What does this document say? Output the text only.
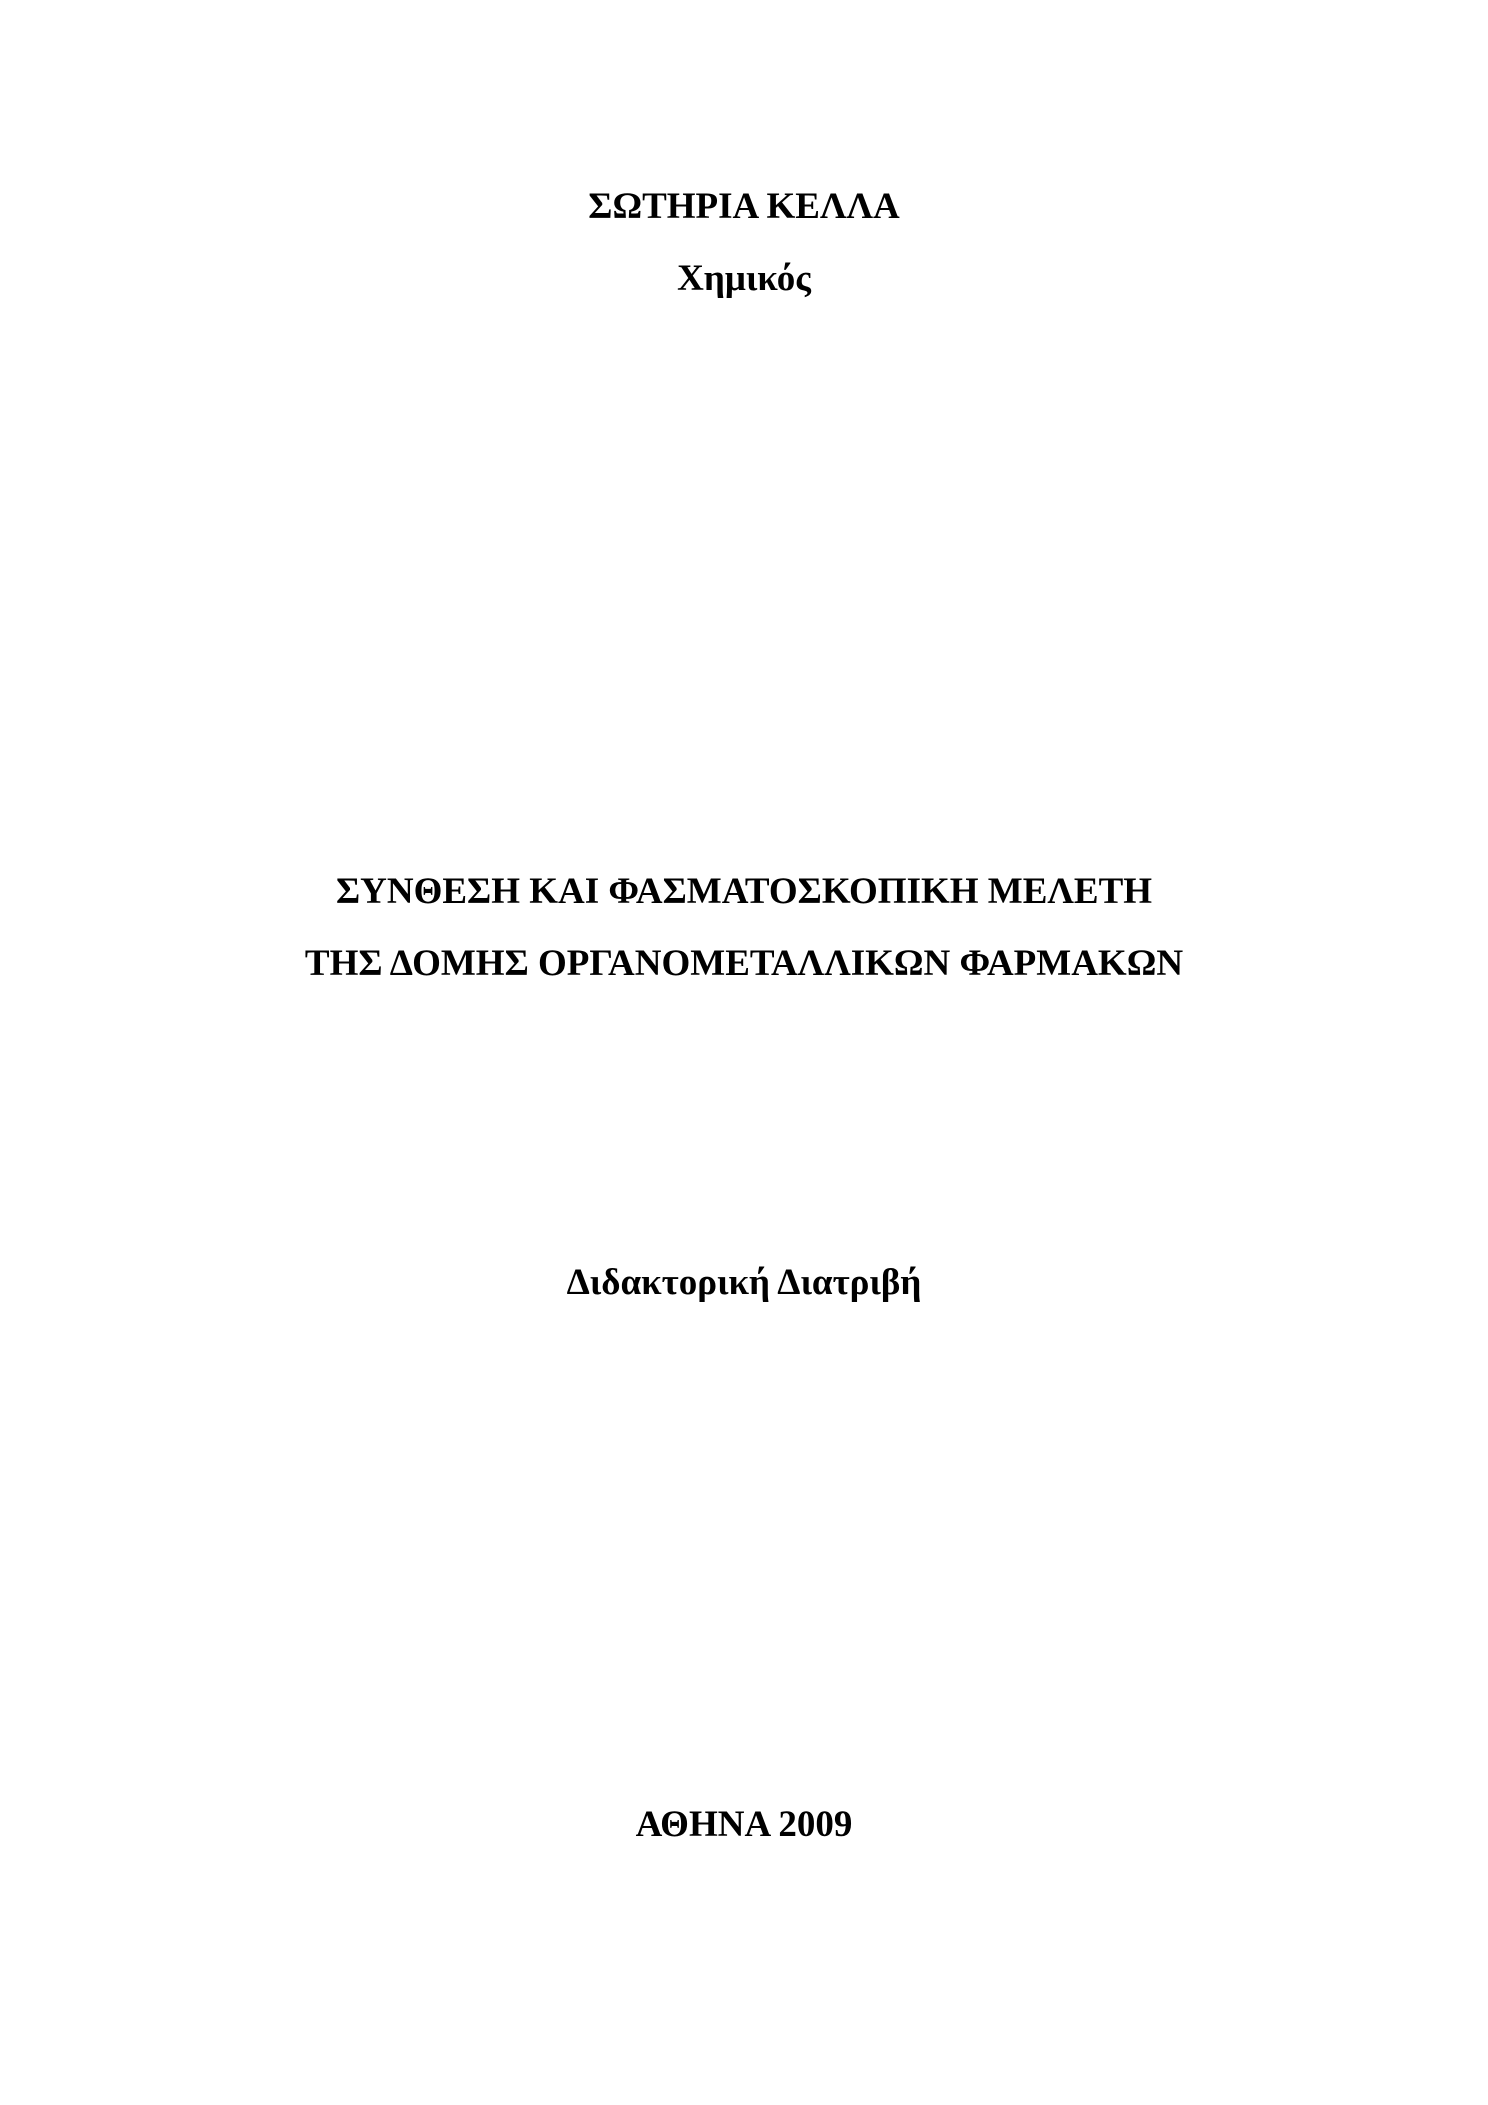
ΣΩΤΗΡΙΑ ΚΕΛΛΑ
Χημικός
ΣΥΝΘΕΣΗ ΚΑΙ ΦΑΣΜΑΤΟΣΚΟΠΙΚΗ ΜΕΛΕΤΗ
ΤΗΣ ΔΟΜΗΣ ΟΡΓΑΝΟΜΕΤΑΛΛΙΚΩΝ ΦΑΡΜΑΚΩΝ
Διδακτορική Διατριβή
ΑΘΗΝΑ 2009
